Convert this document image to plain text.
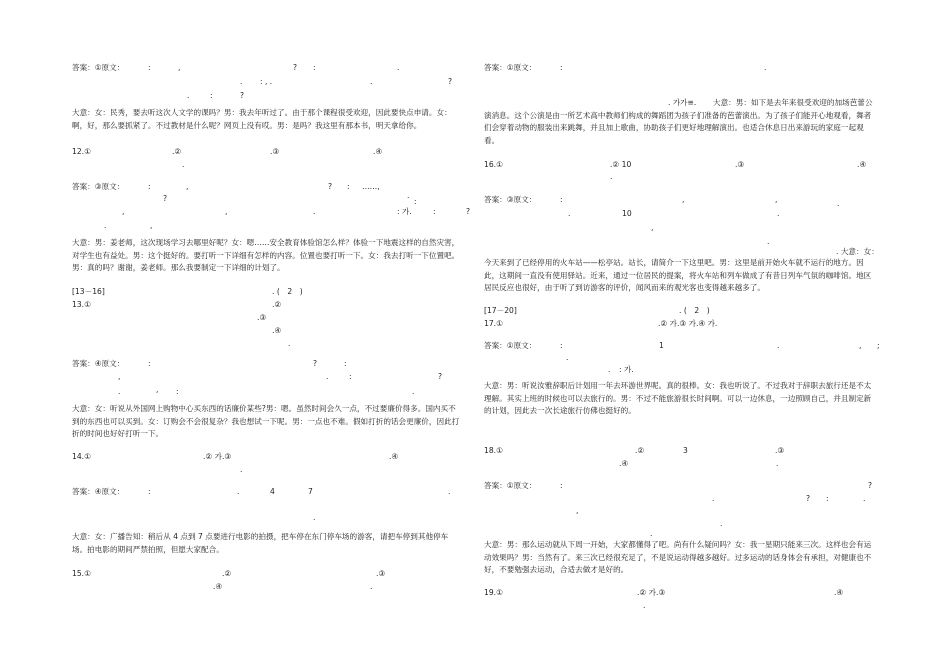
答案：①原文：	:	,	? :	.
. : , .	.	?
.	:	?
大意：女：民秀，要去听这次人文学的课吗？男：我去年听过了。由于那个课程很受欢迎，因此要快点申请。女：啊，好，那么要抓紧了。不过教材是什么呢？网页上没有哎。男：是吗？我这里有那本书，明天拿给你。
12.①	.②	.③	.④
.
答案：③原文：	:	,	? : ……,
?	.
:
,	,	.	: 가.	:	?
.	,
大意：男：姜老师，这次现场学习去哪里好呢？女：嗯……安全教育体验馆怎么样？体验一下地震这样的自然灾害，对学生也有益处。男：这个挺好的。要打听一下详细有怎样的内容。位置也要打听一下。女：我去打听一下位置吧。男：真的吗？谢谢，姜老师。那么我要制定一下详细的计划了。
[13－16]	. (　2　)
13.①	.②
.③
.④
.
答案：④原文：	:	?	:
,	.	:
,
?
.	:	.
大意：女：听说从外国网上购物中心买东西的话廉价某些?男：嗯。虽然时间会久一点，不过要廉价得多。国内买不到的东西也可以买到。女：订购会不会很复杂？我也想试一下呢。男：一点也不难。假如打折的话会更廉价，因此打折的时间也好好打听一下。
14.①	.② 가.③	.④
.
答案：④原文：	:	.	4	7	.
.
大意：女：广播告知：稍后从 4 点到 7 点要进行电影的拍摄，把车停在东门停车场的游客，请把车停到其他停车场。拍电影的期间严禁拍照，但愿大家配合。
15.①	.②	.③
.④	.
答案：①原文：	:	.
. 가가≡.	大意：男：如下是去年来很受欢迎的加场芭蕾公演消息。这个公演是由一所艺术高中教师们构成的舞蹈团为孩子们准备的芭蕾演出。为了孩子们能开心地观看，舞者们会穿着动物的服装出来跳舞，并且加上歌曲，协助孩子们更好地理解演出。也适合休息日出来游玩的家庭一起观看。
16.①	.② 10	.③	.④
.
答案：③原文：	:	,	,	.
.	10	.
,
.
. 大意：女：
今天来到了已经停用的火车站——松亭站。站长，请简介一下这里吧。男：这里是前开始火车就不运行的地方。因此，这期间一直没有使用驿站。近来，通过一位居民的提案，将火车站和列车做成了有昔日列车气氛的咖啡馆。地区居民反应也很好，由于听了到访游客的评价，闻风而来的观光客也变得越来越多了。
[17－20]	. (　2　)
17.①	.② 가.③ 가.④ 가.
答案：①原文：	:	1	.	, ;
.
. : 가.
大意：男：听说汝雅辞职后计划用一年去环游世界呢。真的很棒。女：我也听说了。不过我对于辞职去旅行还是不太理解。其实上班的时候也可以去旅行的。男：不过不能旅游很长时间啊。可以一边休息，一边照顾自己，并且制定新的计划，因此去一次长途旅行仿佛也挺好的。
18.①	.②	3	.③
.④	.
答案：①原文：	:	?
.	? :	.
,
.
.
大意：男：那么运动就从下周一开始，大家都懂得了吧。尚有什么疑问吗？女：我一星期只能来三次。这样也会有运动效果吗？男：当然有了。来三次已经很充足了，不是说运动得越多越好。过多运动的话身体会有承担，对健康也不好，不要勉强去运动，合适去做才是好的。
19.①	.② 가.③	.④
.
